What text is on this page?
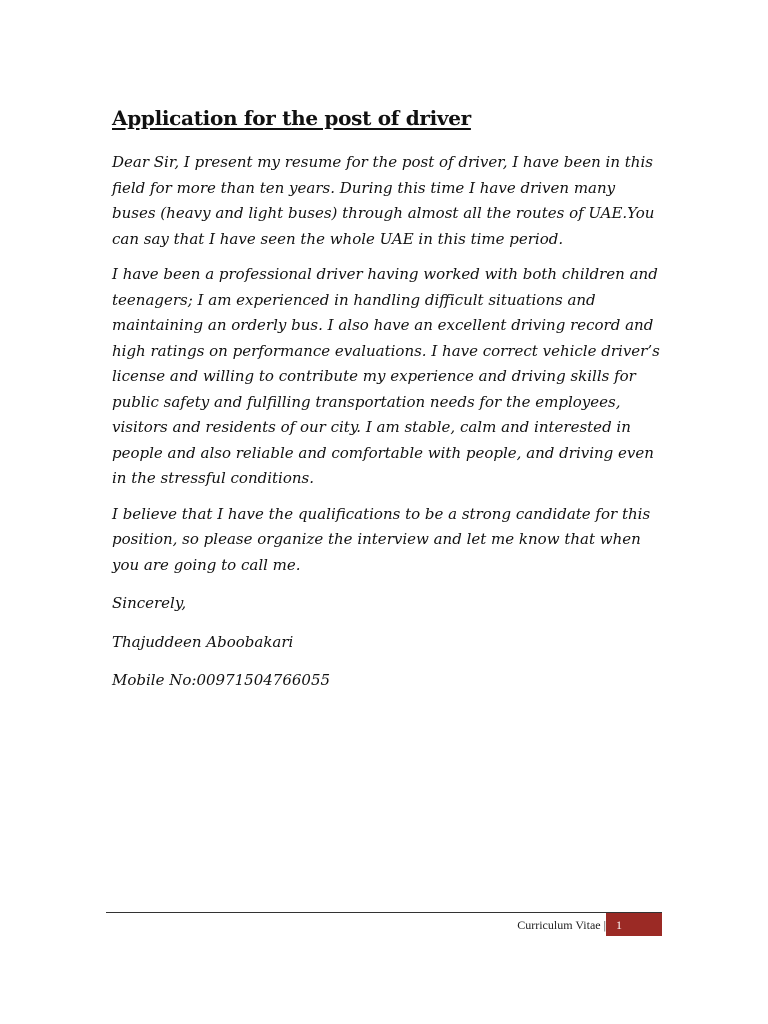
Application for the post of driver

Dear Sir, I present my resume for the post of driver, I have been in this field for more than ten years. During this time I have driven many buses (heavy and light buses) through almost all the routes of UAE.You can say that I have seen the whole UAE in this time period.

I have been a professional driver having worked with both children and teenagers; I am experienced in handling difficult situations and maintaining an orderly bus. I also have an excellent driving record and high ratings on performance evaluations. I have correct vehicle driver’s license and willing to contribute my experience and driving skills for public safety and fulfilling transportation needs for the employees, visitors and residents of our city. I am stable, calm and interested in people and also reliable and comfortable with people, and driving even in the stressful conditions.

I believe that I have the qualifications to be a strong candidate for this position, so please organize the interview and let me know that when you are going to call me.

Sincerely,

Thajuddeen Aboobakari

Mobile No:00971504766055

Curriculum Vitae | 1
